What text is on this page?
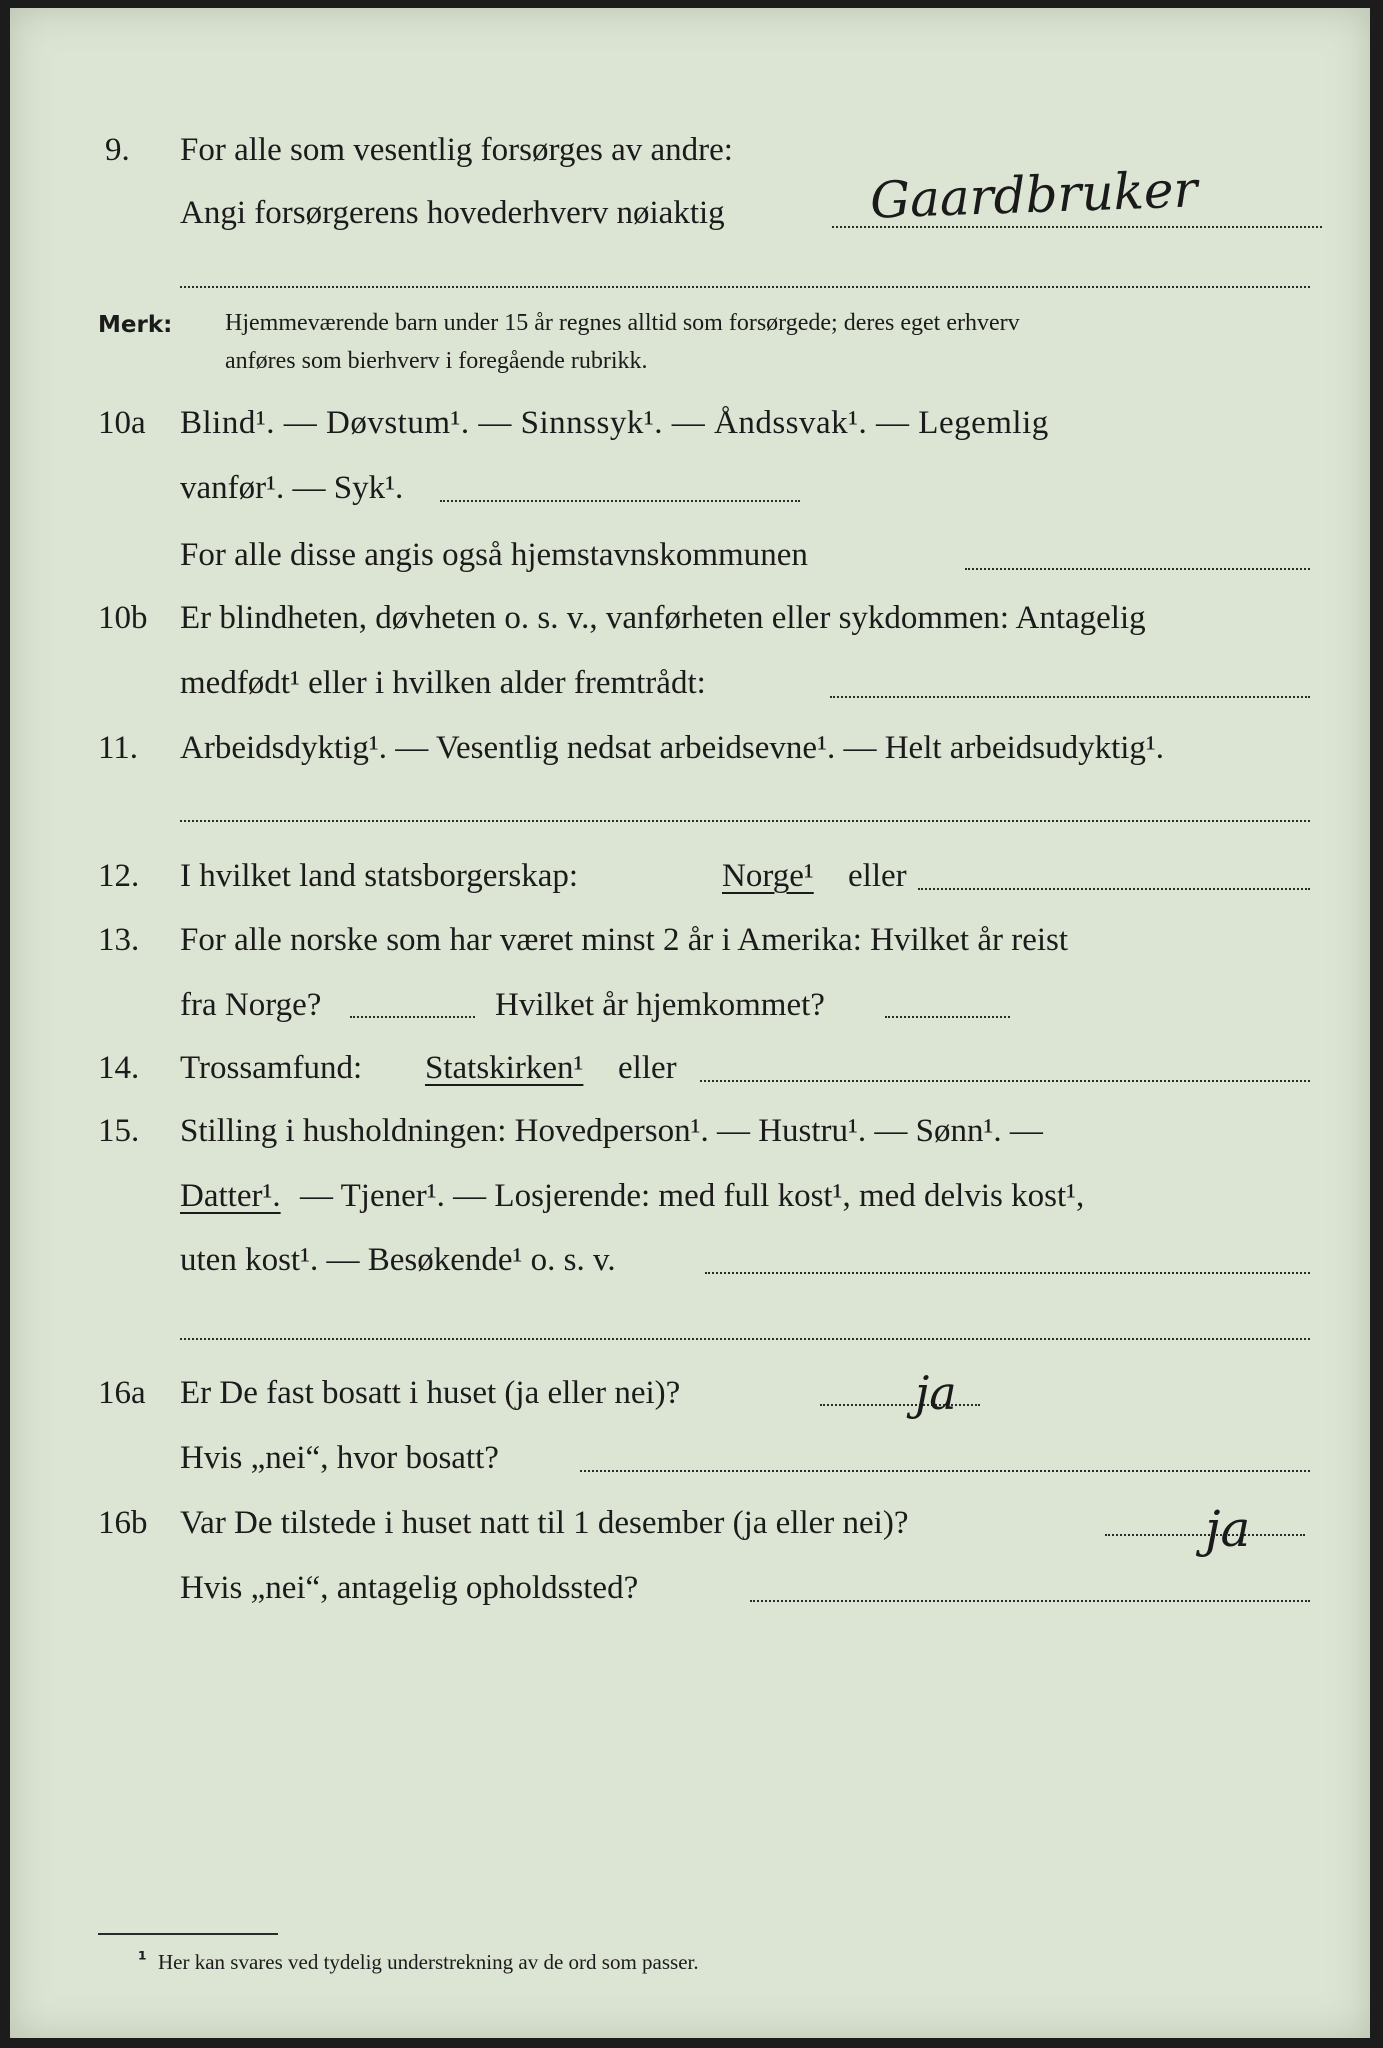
9. For alle som vesentlig forsørges av andre:
Angi forsørgerens hovederhverv nøiaktig	Gaardbruker
Merk: Hjemmeværende barn under 15 år regnes alltid som forsørgede; deres eget erhverv
anføres som bierhverv i foregående rubrikk.
10a Blind¹. — Døvstum¹. — Sinnssyk¹. — Åndssvak¹. — Legemlig
vanfør¹. — Syk¹.
For alle disse angis også hjemstavnskommunen
10b Er blindheten, døvheten o. s. v., vanførheten eller sykdommen: Antagelig
medfødt¹ eller i hvilken alder fremtrådt:
11. Arbeidsdyktig¹. — Vesentlig nedsat arbeidsevne¹. — Helt arbeidsudyktig¹.
12. I hvilket land statsborgerskap:	Norge¹ eller
13. For alle norske som har været minst 2 år i Amerika: Hvilket år reist
fra Norge?	Hvilket år hjemkommet?
14. Trossamfund: Statskirken¹ eller
15. Stilling i husholdningen: Hovedperson¹. — Hustru¹. — Sønn¹. —
Datter¹. — Tjener¹. — Losjerende: med full kost¹, med delvis kost¹,
uten kost¹. — Besøkende¹ o. s. v.
16a Er De fast bosatt i huset (ja eller nei)?	ja
Hvis „nei“, hvor bosatt?
16b Var De tilstede i huset natt til 1 desember (ja eller nei)?	ja
Hvis „nei“, antagelig opholdssted?
¹ Her kan svares ved tydelig understrekning av de ord som passer.
